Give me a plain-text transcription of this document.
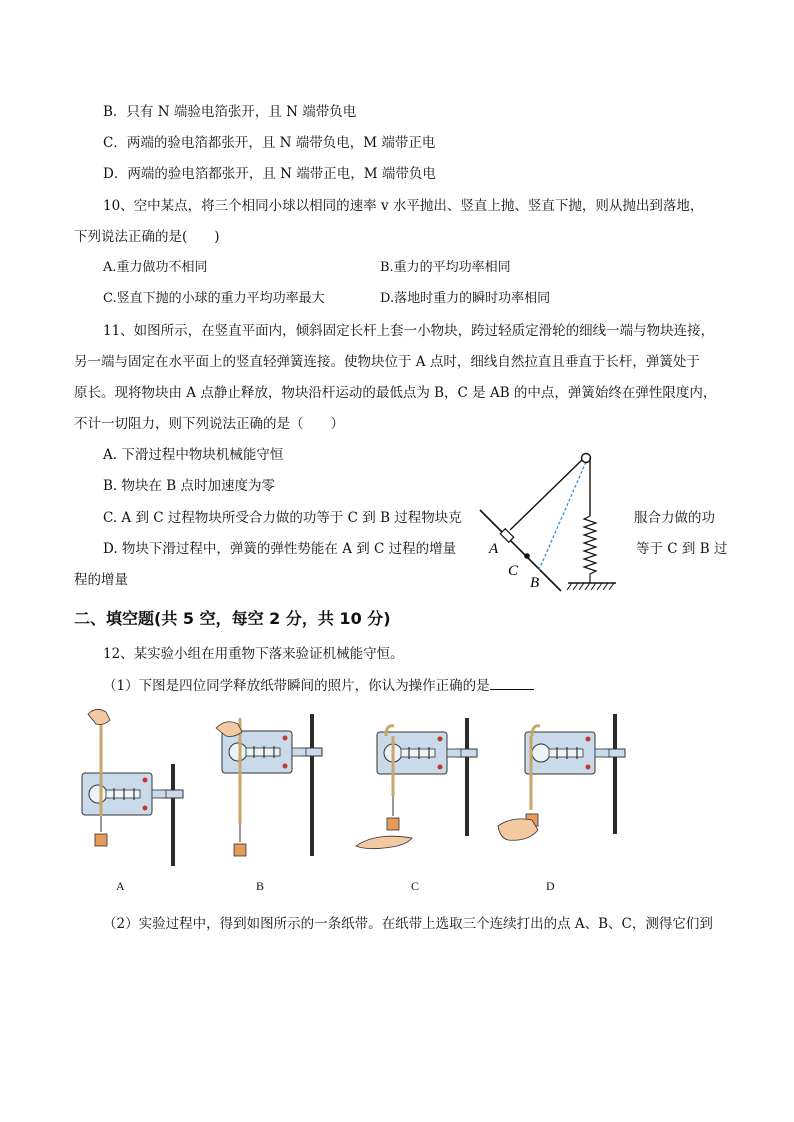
B．只有 N 端验电箔张开，且 N 端带负电
C．两端的验电箔都张开，且 N 端带负电，M 端带正电
D．两端的验电箔都张开，且 N 端带正电，M 端带负电
10、空中某点，将三个相同小球以相同的速率 v 水平抛出、竖直上抛、竖直下抛，则从抛出到落地，
下列说法正确的是(　　)
A.重力做功不相同	B.重力的平均功率相同
C.竖直下抛的小球的重力平均功率最大	D.落地时重力的瞬时功率相同
11、如图所示，在竖直平面内，倾斜固定长杆上套一小物块，跨过轻质定滑轮的细线一端与物块连接，
另一端与固定在水平面上的竖直轻弹簧连接。使物块位于 A 点时，细线自然拉直且垂直于长杆，弹簧处于
原长。现将物块由 A 点静止释放，物块沿杆运动的最低点为 B，C 是 AB 的中点，弹簧始终在弹性限度内，
不计一切阻力，则下列说法正确的是（　　）
A. 下滑过程中物块机械能守恒
B. 物块在 B 点时加速度为零
C. A 到 C 过程物块所受合力做的功等于 C 到 B 过程物块克	服合力做的功
D. 物块下滑过程中，弹簧的弹性势能在 A 到 C 过程的增量	等于 C 到 B 过
程的增量
A
C
B
二、填空题(共 5 空，每空 2 分，共 10 分)
12、某实验小组在用重物下落来验证机械能守恒。
（1）下图是四位同学释放纸带瞬间的照片，你认为操作正确的是
A	B	C	D
（2）实验过程中，得到如图所示的一条纸带。在纸带上选取三个连续打出的点 A、B、C，测得它们到
